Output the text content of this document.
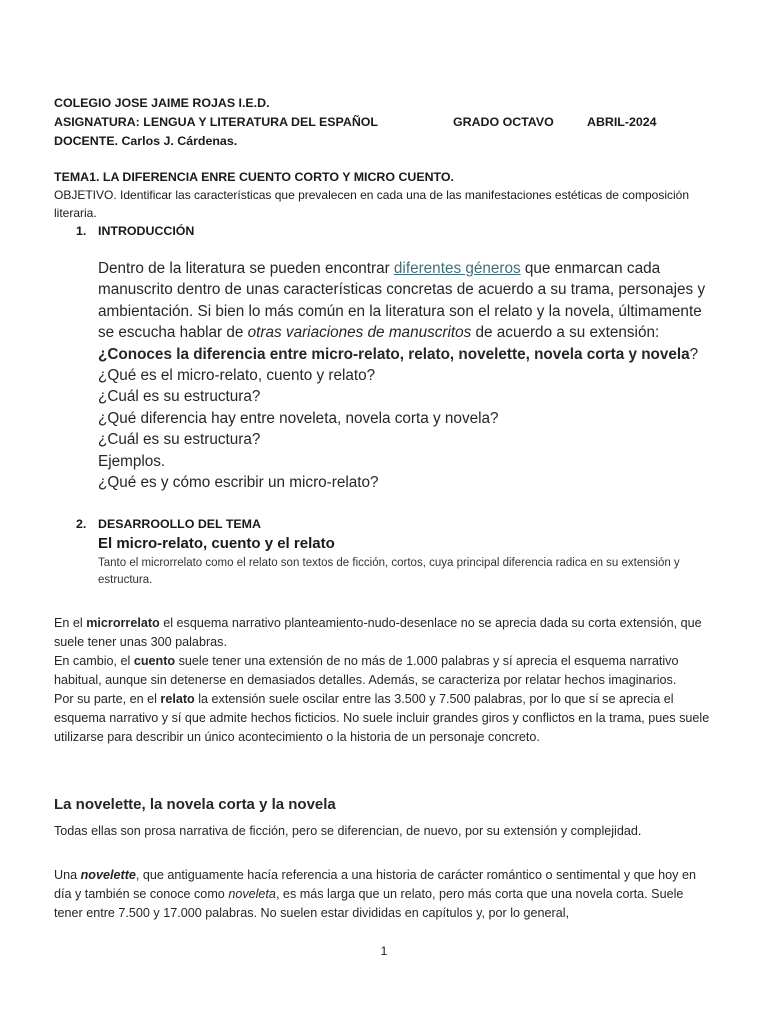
COLEGIO JOSE JAIME ROJAS I.E.D.
ASIGNATURA: LENGUA Y LITERATURA DEL ESPAÑOL	GRADO OCTAVO	ABRIL-2024
DOCENTE. Carlos J. Cárdenas.
TEMA1. LA DIFERENCIA ENRE CUENTO CORTO Y MICRO CUENTO.
OBJETIVO. Identificar las características que prevalecen en cada una de las manifestaciones estéticas de composición literaria.
1. INTRODUCCIÓN
Dentro de la literatura se pueden encontrar diferentes géneros que enmarcan cada manuscrito dentro de unas características concretas de acuerdo a su trama, personajes y ambientación. Si bien lo más común en la literatura son el relato y la novela, últimamente se escucha hablar de otras variaciones de manuscritos de acuerdo a su extensión: ¿Conoces la diferencia entre micro-relato, relato, novelette, novela corta y novela?
¿Qué es el micro-relato, cuento y relato?
¿Cuál es su estructura?
¿Qué diferencia hay entre noveleta, novela corta y novela?
¿Cuál es su estructura?
Ejemplos.
¿Qué es y cómo escribir un micro-relato?
2. DESARROOLLO DEL TEMA
El micro-relato, cuento y el relato
Tanto el microrrelato como el relato son textos de ficción, cortos, cuya principal diferencia radica en su extensión y estructura.
En el microrrelato el esquema narrativo planteamiento-nudo-desenlace no se aprecia dada su corta extensión, que suele tener unas 300 palabras.
En cambio, el cuento suele tener una extensión de no más de 1.000 palabras y sí aprecia el esquema narrativo habitual, aunque sin detenerse en demasiados detalles. Además, se caracteriza por relatar hechos imaginarios.
Por su parte, en el relato la extensión suele oscilar entre las 3.500 y 7.500 palabras, por lo que sí se aprecia el esquema narrativo y sí que admite hechos ficticios. No suele incluir grandes giros y conflictos en la trama, pues suele utilizarse para describir un único acontecimiento o la historia de un personaje concreto.
La novelette, la novela corta y la novela
Todas ellas son prosa narrativa de ficción, pero se diferencian, de nuevo, por su extensión y complejidad.
Una novelette, que antiguamente hacía referencia a una historia de carácter romántico o sentimental y que hoy en día y también se conoce como noveleta, es más larga que un relato, pero más corta que una novela corta. Suele tener entre 7.500 y 17.000 palabras. No suelen estar divididas en capítulos y, por lo general,
1
